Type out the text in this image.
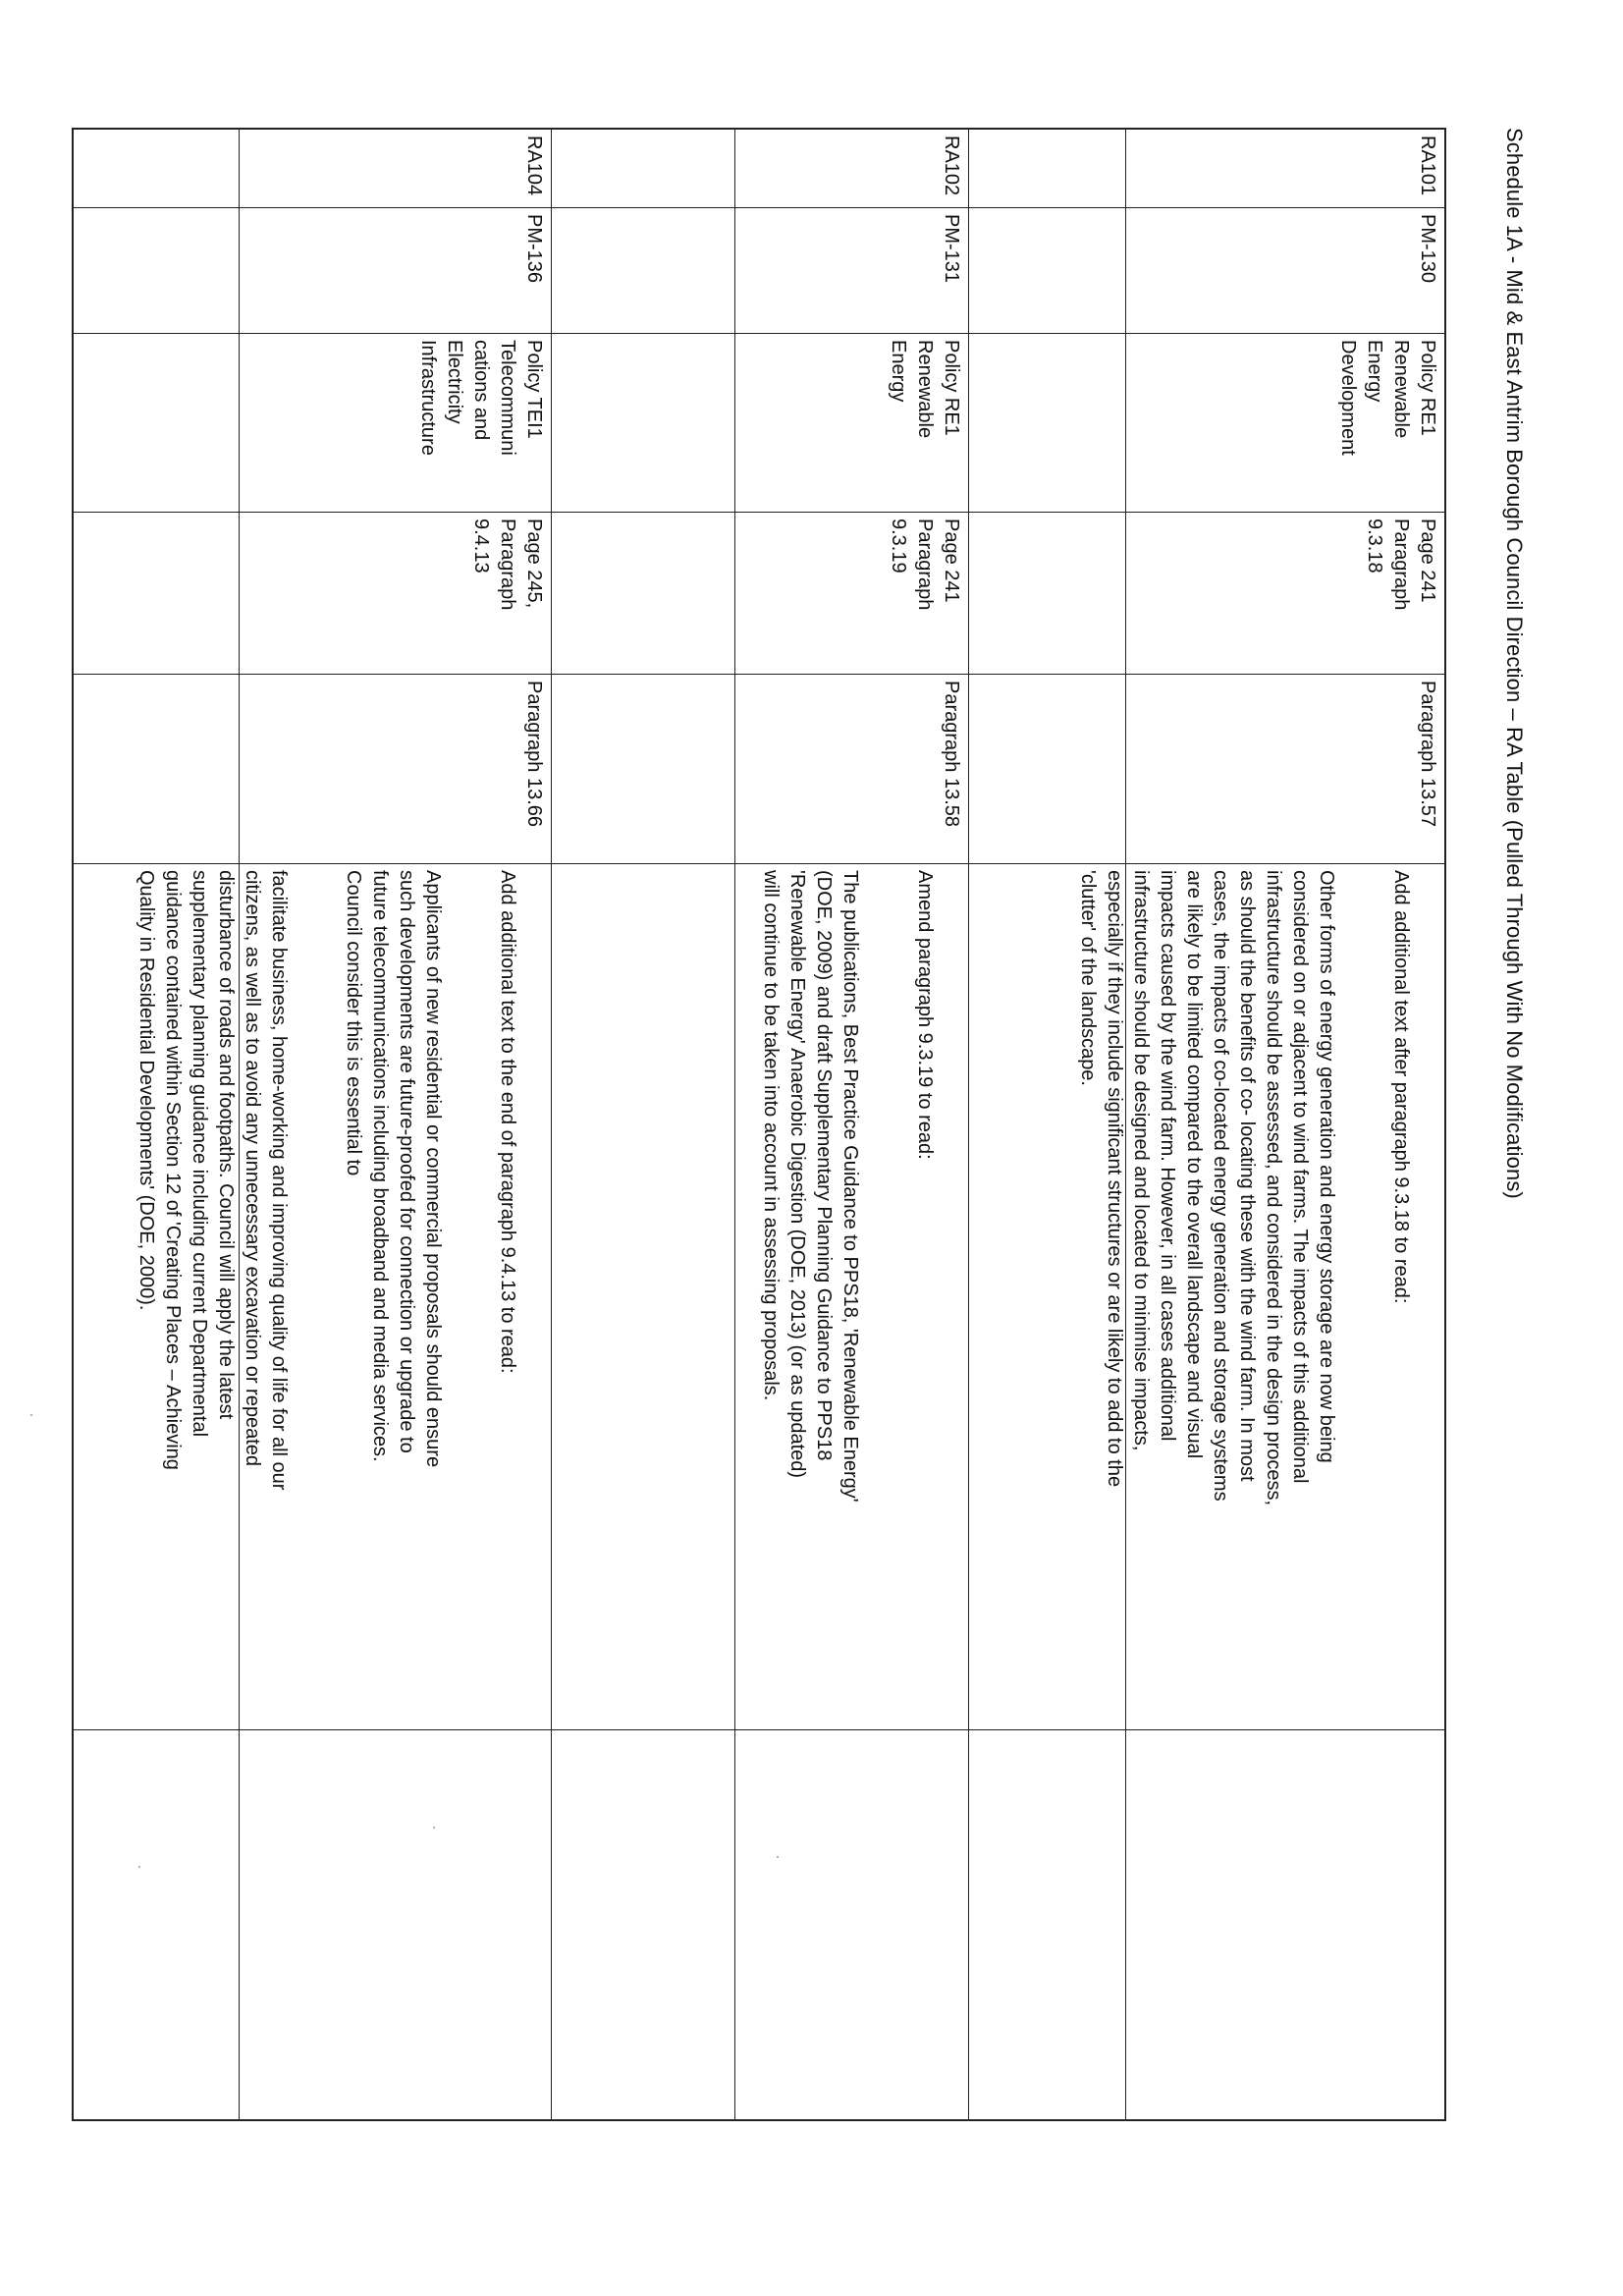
Schedule 1A - Mid & East Antrim Borough Council Direction – RA Table (Pulled Through With No Modifications)
RA101
PM-130
Policy RE1
Renewable
Energy
Development
Page 241
Paragraph
9.3.18
Paragraph 13.57

Add additional text after paragraph 9.3.18 to read:

Other forms of energy generation and energy storage are now being
considered on or adjacent to wind farms. The impacts of this additional
infrastructure should be assessed, and considered in the design process,
as should the benefits of co- locating these with the wind farm. In most
cases, the impacts of co-located energy generation and storage systems
are likely to be limited compared to the overall landscape and visual
impacts caused by the wind farm. However, in all cases additional
infrastructure should be designed and located to minimise impacts,
especially if they include significant structures or are likely to add to the
'clutter' of the landscape.

RA102
PM-131
Policy RE1
Renewable
Energy
Page 241
Paragraph
9.3.19
Paragraph 13.58

Amend paragraph 9.3.19 to read:

The publications, Best Practice Guidance to PPS18, 'Renewable Energy'
(DOE, 2009) and draft Supplementary Planning Guidance to PPS18
'Renewable Energy' Anaerobic Digestion (DOE, 2013) (or as updated)
will continue to be taken into account in assessing proposals.

RA104
PM-136
Policy TEI1
Telecommuni
cations and
Electricity
Infrastructure
Page 245,
Paragraph
9.4.13
Paragraph 13.66

Add additional text to the end of paragraph 9.4.13 to read:

Applicants of new residential or commercial proposals should ensure
such developments are future-proofed for connection or upgrade to
future telecommunications including broadband and media services.
Council consider this is essential to

facilitate business, home-working and improving quality of life for all our
citizens, as well as to avoid any unnecessary excavation or repeated
disturbance of roads and footpaths. Council will apply the latest
supplementary planning guidance including current Departmental
guidance contained within Section 12 of 'Creating Places – Achieving
Quality in Residential Developments' (DOE, 2000).
